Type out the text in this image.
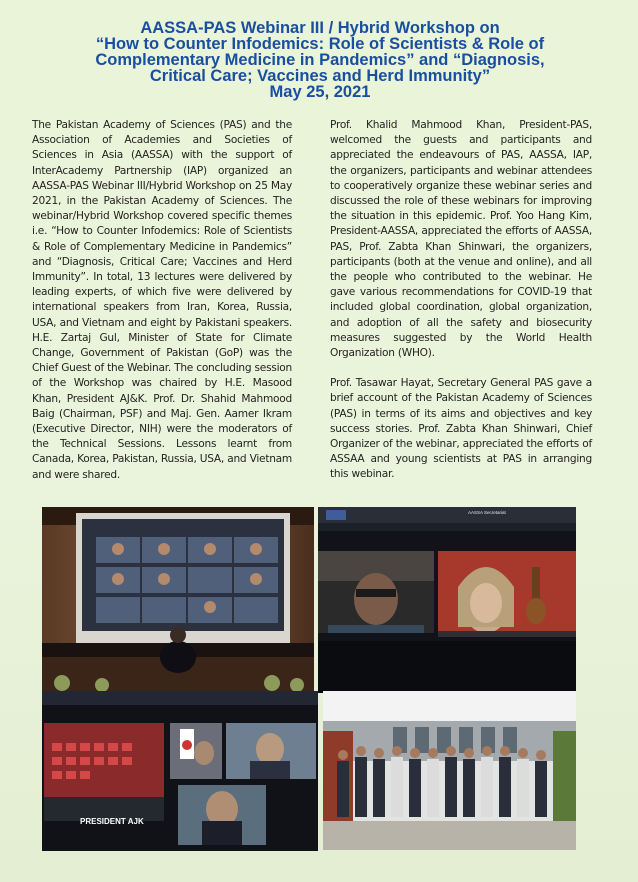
AASSA-PAS Webinar III / Hybrid Workshop on
“How to Counter Infodemics: Role of Scientists & Role of
Complementary Medicine in Pandemics” and “Diagnosis,
Critical Care; Vaccines and Herd Immunity”
May 25, 2021

The Pakistan Academy of Sciences (PAS) and the Association of Academies and Societies of Sciences in Asia (AASSA) with the support of InterAcademy Partnership (IAP) organized an AASSA-PAS Webinar III/Hybrid Workshop on 25 May 2021, in the Pakistan Academy of Sciences. The webinar/Hybrid Workshop covered specific themes i.e. “How to Counter Infodemics: Role of Scientists & Role of Complementary Medicine in Pandemics” and “Diagnosis, Critical Care; Vaccines and Herd Immunity”. In total, 13 lectures were delivered by leading experts, of which five were delivered by international speakers from Iran, Korea, Russia, USA, and Vietnam and eight by Pakistani speakers. H.E. Zartaj Gul, Minister of State for Climate Change, Government of Pakistan (GoP) was the Chief Guest of the Webinar. The concluding session of the Workshop was chaired by H.E. Masood Khan, President AJ&K. Prof. Dr. Shahid Mahmood Baig (Chairman, PSF) and Maj. Gen. Aamer Ikram (Executive Director, NIH) were the moderators of the Technical Sessions. Lessons learnt from Canada, Korea, Pakistan, Russia, USA, and Vietnam and were shared.

Prof. Khalid Mahmood Khan, President-PAS, welcomed the guests and participants and appreciated the endeavours of PAS, AASSA, IAP, the organizers, participants and webinar attendees to cooperatively organize these webinar series and discussed the role of these webinars for improving the situation in this epidemic. Prof. Yoo Hang Kim, President-AASSA, appreciated the efforts of AASSA, PAS, Prof. Zabta Khan Shinwari, the organizers, participants (both at the venue and online), and all the people who contributed to the webinar. He gave various recommendations for COVID-19 that included global coordination, global organization, and adoption of all the safety and biosecurity measures suggested by the World Health Organization (WHO).

Prof. Tasawar Hayat, Secretary General PAS gave a brief account of the Pakistan Academy of Sciences (PAS) in terms of its aims and objectives and key success stories. Prof. Zabta Khan Shinwari, Chief Organizer of the webinar, appreciated the efforts of ASSAA and young scientists at PAS in arranging this webinar.

AASSA Secretariat
PRESIDENT AJK
